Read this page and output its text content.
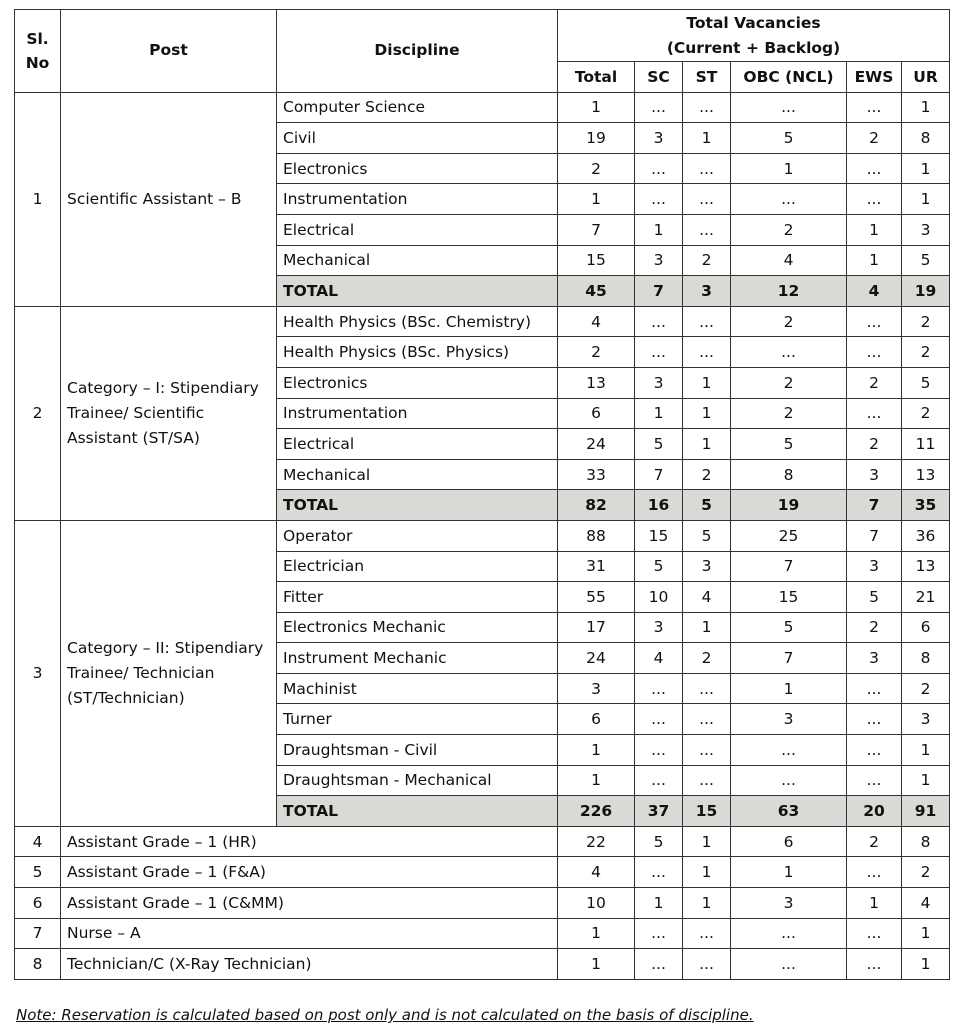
Sl. No	Post	Discipline	Total Vacancies
(Current + Backlog)					

			Total	SC	ST	OBC (NCL)	EWS	UR
1	Scientific Assistant – B	Computer Science	1	...	...	...	...	1
		Civil	19	3	1	5	2	8
		Electronics	2	...	...	1	...	1
		Instrumentation	1	...	...	...	...	1
		Electrical	7	1	...	2	1	3
		Mechanical	15	3	2	4	1	5
		TOTAL	45	7	3	12	4	19
2	Category – I: Stipendiary Trainee/ Scientific Assistant (ST/SA)	Health Physics (BSc. Chemistry)	4	...	...	2	...	2
		Health Physics (BSc. Physics)	2	...	...	...	...	2
		Electronics	13	3	1	2	2	5
		Instrumentation	6	1	1	2	...	2
		Electrical	24	5	1	5	2	11
		Mechanical	33	7	2	8	3	13
		TOTAL	82	16	5	19	7	35
3	Category – II: Stipendiary Trainee/ Technician (ST/Technician)	Operator	88	15	5	25	7	36
		Electrician	31	5	3	7	3	13
		Fitter	55	10	4	15	5	21
		Electronics Mechanic	17	3	1	5	2	6
		Instrument Mechanic	24	4	2	7	3	8
		Machinist	3	...	...	1	...	2
		Turner	6	...	...	3	...	3
		Draughtsman - Civil	1	...	...	...	...	1
		Draughtsman - Mechanical	1	...	...	...	...	1
		TOTAL	226	37	15	63	20	91
4	Assistant Grade – 1 (HR)		22	5	1	6	2	8
5	Assistant Grade – 1 (F&A)		4	...	1	1	...	2
6	Assistant Grade – 1 (C&MM)		10	1	1	3	1	4
7	Nurse – A		1	...	...	...	...	1
8	Technician/C (X-Ray Technician)		1	...	...	...	...	1
Note: Reservation is calculated based on post only and is not calculated on the basis of discipline.
